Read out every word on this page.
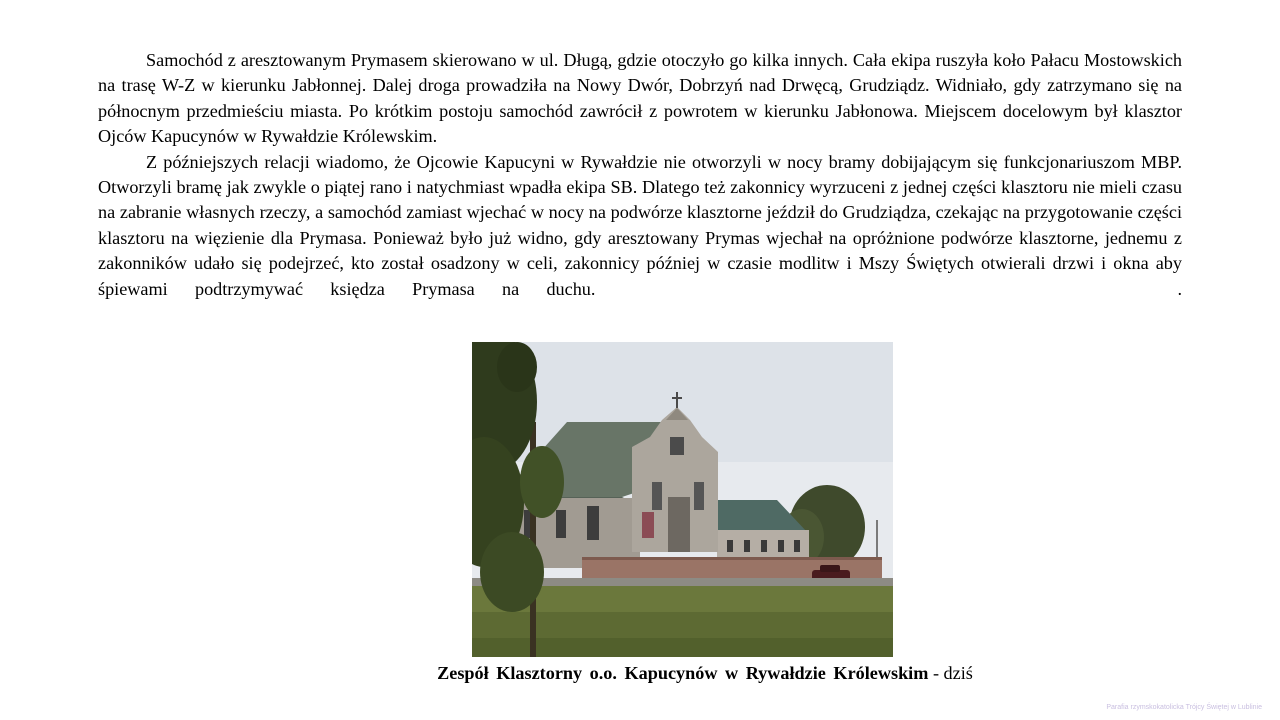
Samochód z aresztowanym Prymasem skierowano w ul. Długą, gdzie otoczyło go kilka innych. Cała ekipa ruszyła koło Pałacu Mostowskich na trasę W-Z w kierunku Jabłonnej. Dalej droga prowadziła na Nowy Dwór, Dobrzyń nad Drwęcą, Grudziądz. Widniało, gdy zatrzymano się na północnym przedmieściu miasta. Po krótkim postoju samochód zawrócił z powrotem w kierunku Jabłonowa. Miejscem docelowym był klasztor Ojców Kapucynów w Rywałdzie Królewskim.

Z późniejszych relacji wiadomo, że Ojcowie Kapucyni w Rywałdzie nie otworzyli w nocy bramy dobijającym się funkcjonariuszom MBP. Otworzyli bramę jak zwykle o piątej rano i natychmiast wpadła ekipa SB. Dlatego też zakonnicy wyrzuceni z jednej części klasztoru nie mieli czasu na zabranie własnych rzeczy, a samochód zamiast wjechać w nocy na podwórze klasztorne jeździł do Grudziądza, czekając na przygotowanie części klasztoru na więzienie dla Prymasa. Ponieważ było już widno, gdy aresztowany Prymas wjechał na opróżnione podwórze klasztorne, jednemu z zakonników udało się podejrzeć, kto został osadzony w celi, zakonnicy później w czasie modlitw i Mszy Świętych otwierali drzwi i okna aby śpiewami podtrzymywać księdza Prymasa na duchu.                                	.

Zespół Klasztorny o.o. Kapucynów w Rywałdzie Królewskim - dziś
Parafia rzymskokatolicka Trójcy Świętej w Lublinie
